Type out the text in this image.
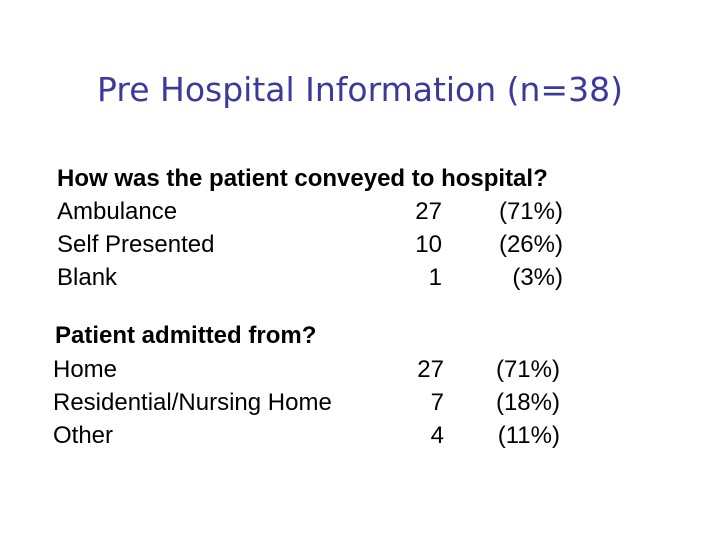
Pre Hospital Information (n=38)
How was the patient conveyed to hospital?
Ambulance	27	(71%)
Self Presented	10	(26%)
Blank	1	(3%)
Patient admitted from?
Home	27	(71%)
Residential/Nursing Home	7	(18%)
Other	4	(11%)
